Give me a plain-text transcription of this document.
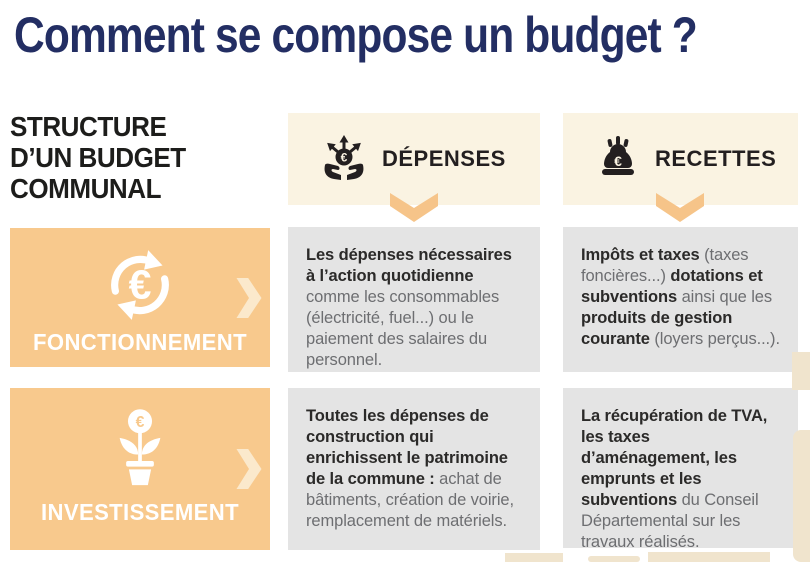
Comment se compose un budget ?
STRUCTURE
D’UN BUDGET
COMMUNAL
€ DÉPENSES	€ RECETTES
€
FONCTIONNEMENT
€
INVESTISSEMENT
Les dépenses nécessaires à l’action quotidienne comme les consommables (électricité, fuel...) ou le paiement des salaires du personnel.
Impôts et taxes (taxes foncières...) dotations et subventions ainsi que les produits de gestion courante (loyers perçus...).
Toutes les dépenses de construction qui enrichissent le patrimoine de la commune : achat de bâtiments, création de voirie, remplacement de matériels.
La récupération de TVA, les taxes d’aménagement, les emprunts et les subventions du Conseil Départemental sur les travaux réalisés.
